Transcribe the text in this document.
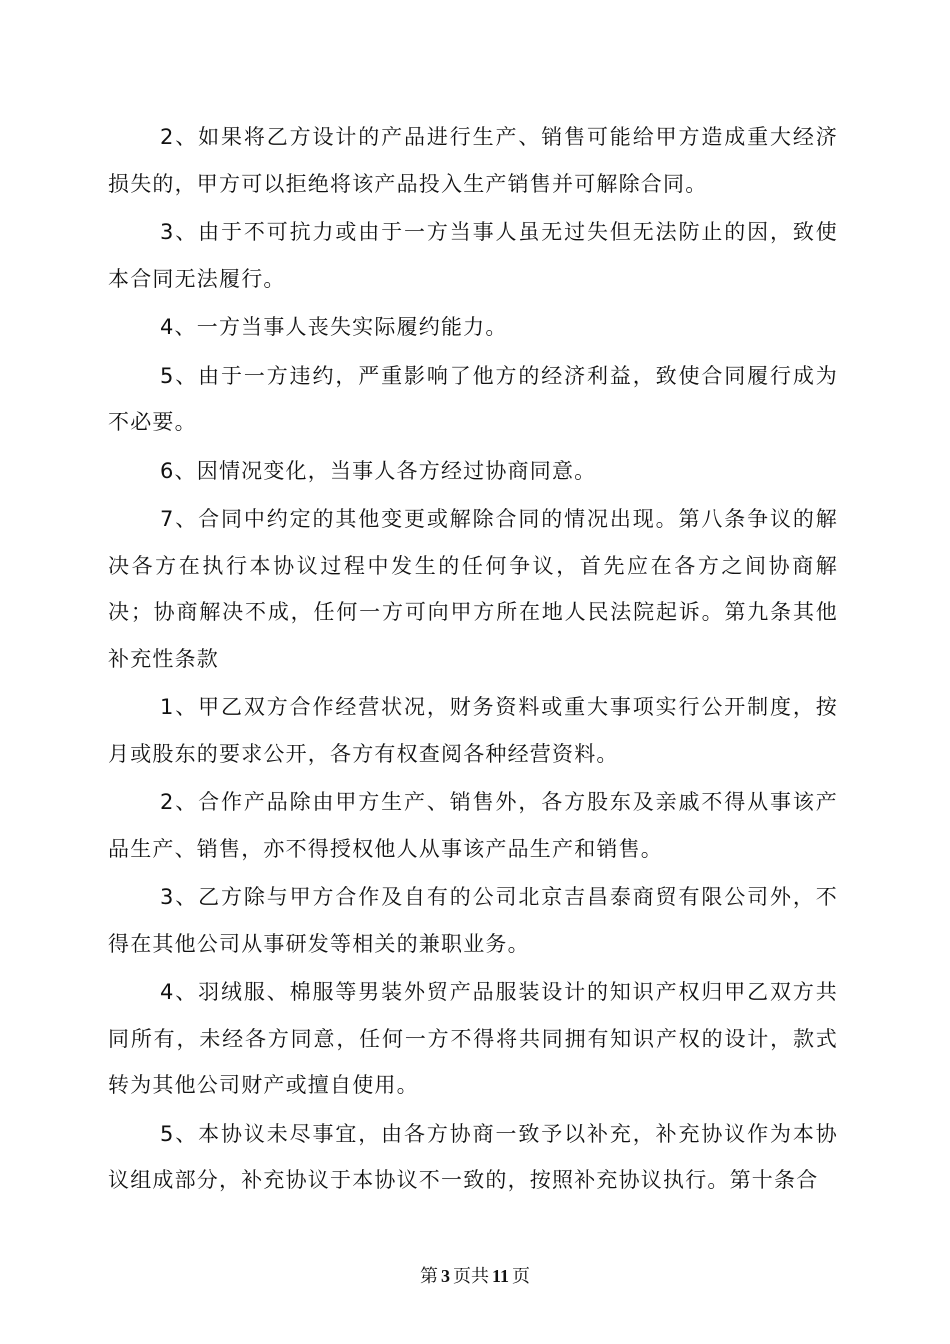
2、如果将乙方设计的产品进行生产、销售可能给甲方造成重大经济损失的，甲方可以拒绝将该产品投入生产销售并可解除合同。

3、由于不可抗力或由于一方当事人虽无过失但无法防止的因，致使本合同无法履行。

4、一方当事人丧失实际履约能力。

5、由于一方违约，严重影响了他方的经济利益，致使合同履行成为不必要。

6、因情况变化，当事人各方经过协商同意。

7、合同中约定的其他变更或解除合同的情况出现。第八条争议的解决各方在执行本协议过程中发生的任何争议，首先应在各方之间协商解决；协商解决不成，任何一方可向甲方所在地人民法院起诉。第九条其他补充性条款

1、甲乙双方合作经营状况，财务资料或重大事项实行公开制度，按月或股东的要求公开，各方有权查阅各种经营资料。

2、合作产品除由甲方生产、销售外，各方股东及亲戚不得从事该产品生产、销售，亦不得授权他人从事该产品生产和销售。

3、乙方除与甲方合作及自有的公司北京吉昌泰商贸有限公司外，不得在其他公司从事研发等相关的兼职业务。

4、羽绒服、棉服等男装外贸产品服装设计的知识产权归甲乙双方共同所有，未经各方同意，任何一方不得将共同拥有知识产权的设计，款式转为其他公司财产或擅自使用。

5、本协议未尽事宜，由各方协商一致予以补充，补充协议作为本协议组成部分，补充协议于本协议不一致的，按照补充协议执行。第十条合

第 3 页共 11 页
